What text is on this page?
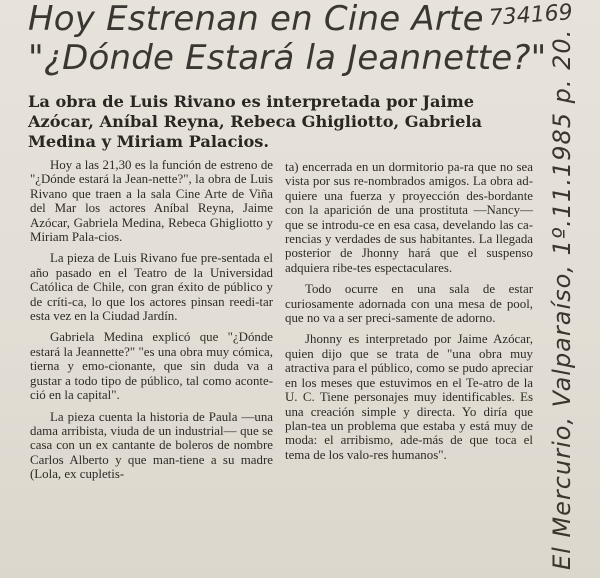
Hoy Estrenan en Cine Arte
"¿Dónde Estará la Jeannette?"
734169
La obra de Luis Rivano es interpretada por Jaime Azócar, Aníbal Reyna, Rebeca Ghigliotto, Gabriela Medina y Miriam Palacios.

Hoy a las 21,30 es la función de estreno de "¿Dónde estará la Jean-nette?", la obra de Luis Rivano que traen a la sala Cine Arte de Viña del Mar los actores Aníbal Reyna, Jaime Azócar, Gabriela Medina, Rebeca Ghigliotto y Miriam Pala-cios.

La pieza de Luis Rivano fue pre-sentada el año pasado en el Teatro de la Universidad Católica de Chile, con gran éxito de público y de críti-ca, lo que los actores pinsan reedi-tar esta vez en la Ciudad Jardín.

Gabriela Medina explicó que "¿Dónde estará la Jeannette?" "es una obra muy cómica, tierna y emo-cionante, que sin duda va a gustar a todo tipo de público, tal como aconte-ció en la capital".

La pieza cuenta la historia de Paula —una dama arribista, viuda de un industrial— que se casa con un ex cantante de boleros de nombre Carlos Alberto y que man-tiene a su madre (Lola, ex cupletis-

ta) encerrada en un dormitorio pa-ra que no sea vista por sus re-nombrados amigos. La obra ad-quiere una fuerza y proyección des-bordante con la aparición de una prostituta —Nancy— que se introdu-ce en esa casa, develando las ca-rencias y verdades de sus habitantes. La llegada posterior de Jhonny hará que el suspenso adquiera ribe-tes espectaculares.

Todo ocurre en una sala de estar curiosamente adornada con una mesa de pool, que no va a ser preci-samente de adorno.

Jhonny es interpretado por Jaime Azócar, quien dijo que se trata de "una obra muy atractiva para el público, como se pudo apreciar en los meses que estuvimos en el Te-atro de la U. C. Tiene personajes muy identificables. Es una creación simple y directa. Yo diría que plan-tea un problema que estaba y está muy de moda: el arribismo, ade-más de que toca el tema de los valo-res humanos".	El Mercurio, Valparaíso, 1º.11.1985 p. 20.
